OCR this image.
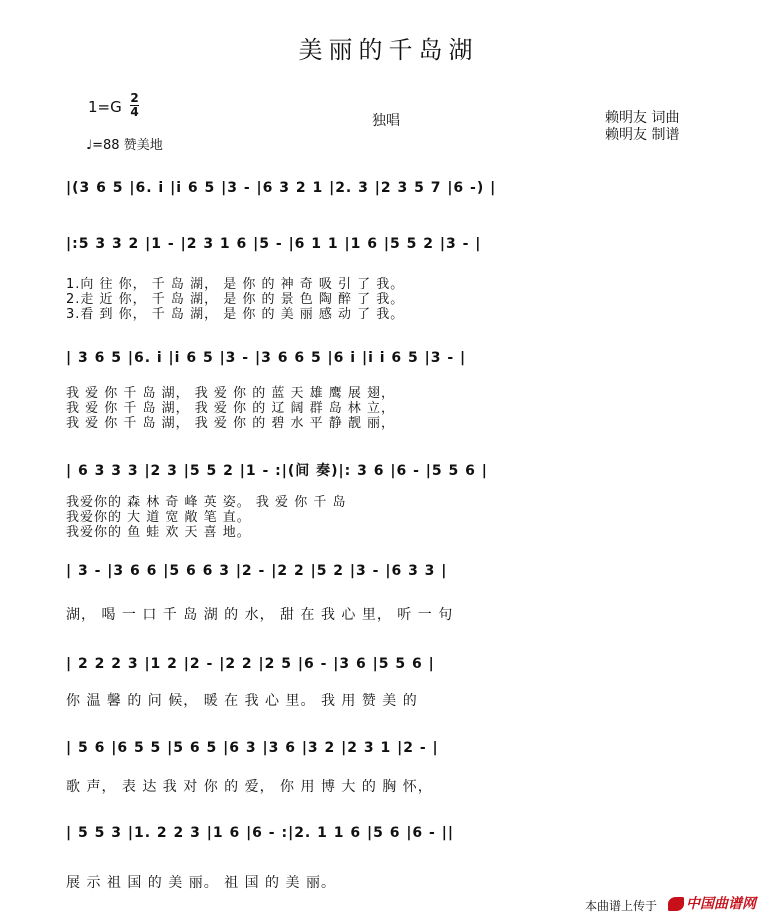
美丽的千岛湖
1=G 2
4
♩=88 赞美地
独唱	赖明友 词曲
赖明友 制谱
|(3 6 5 |6. i |i 6 5 |3 - |6 3 2 1 |2. 3 |2 3 5 7 |6 -) |
|:5 3 3 2 |1 - |2 3 1 6 |5 - |6 1 1 |1 6 |5 5 2 |3 - |
1.向 往 你， 千 岛 湖， 是 你 的 神 奇 吸 引 了 我。
2.走 近 你， 千 岛 湖， 是 你 的 景 色 陶 醉 了 我。
3.看 到 你， 千 岛 湖， 是 你 的 美 丽 感 动 了 我。
| 3 6 5 |6. i |i 6 5 |3 - |3 6 6 5 |6 i |i i 6 5 |3 - |
我 爱 你 千 岛 湖， 我 爱 你 的 蓝 天 雄 鹰 展 翅，
我 爱 你 千 岛 湖， 我 爱 你 的 辽 阔 群 岛 林 立，
我 爱 你 千 岛 湖， 我 爱 你 的 碧 水 平 静 靓 丽，
| 6 3 3 3 |2 3 |5 5 2 |1 - :|(间 奏)|: 3 6 |6 - |5 5 6 |
我爱你的 森 林 奇 峰 英 姿。 我 爱 你 千 岛
我爱你的 大 道 宽 敞 笔 直。
我爱你的 鱼 蛙 欢 天 喜 地。
| 3 - |3 6 6 |5 6 6 3 |2 - |2 2 |5 2 |3 - |6 3 3 |
湖， 喝 一 口 千 岛 湖 的 水， 甜 在 我 心 里， 听 一 句
| 2 2 2 3 |1 2 |2 - |2 2 |2 5 |6 - |3 6 |5 5 6 |
你 温 馨 的 问 候， 暖 在 我 心 里。 我 用 赞 美 的
| 5 6 |6 5 5 |5 6 5 |6 3 |3 6 |3 2 |2 3 1 |2 - |
歌 声， 表 达 我 对 你 的 爱， 你 用 博 大 的 胸 怀，
| 5 5 3 |1. 2 2 3 |1 6 |6 - :|2. 1 1 6 |5 6 |6 - ||
展 示 祖 国 的 美 丽。 祖 国 的 美 丽。
本曲谱上传于	中国曲谱网
